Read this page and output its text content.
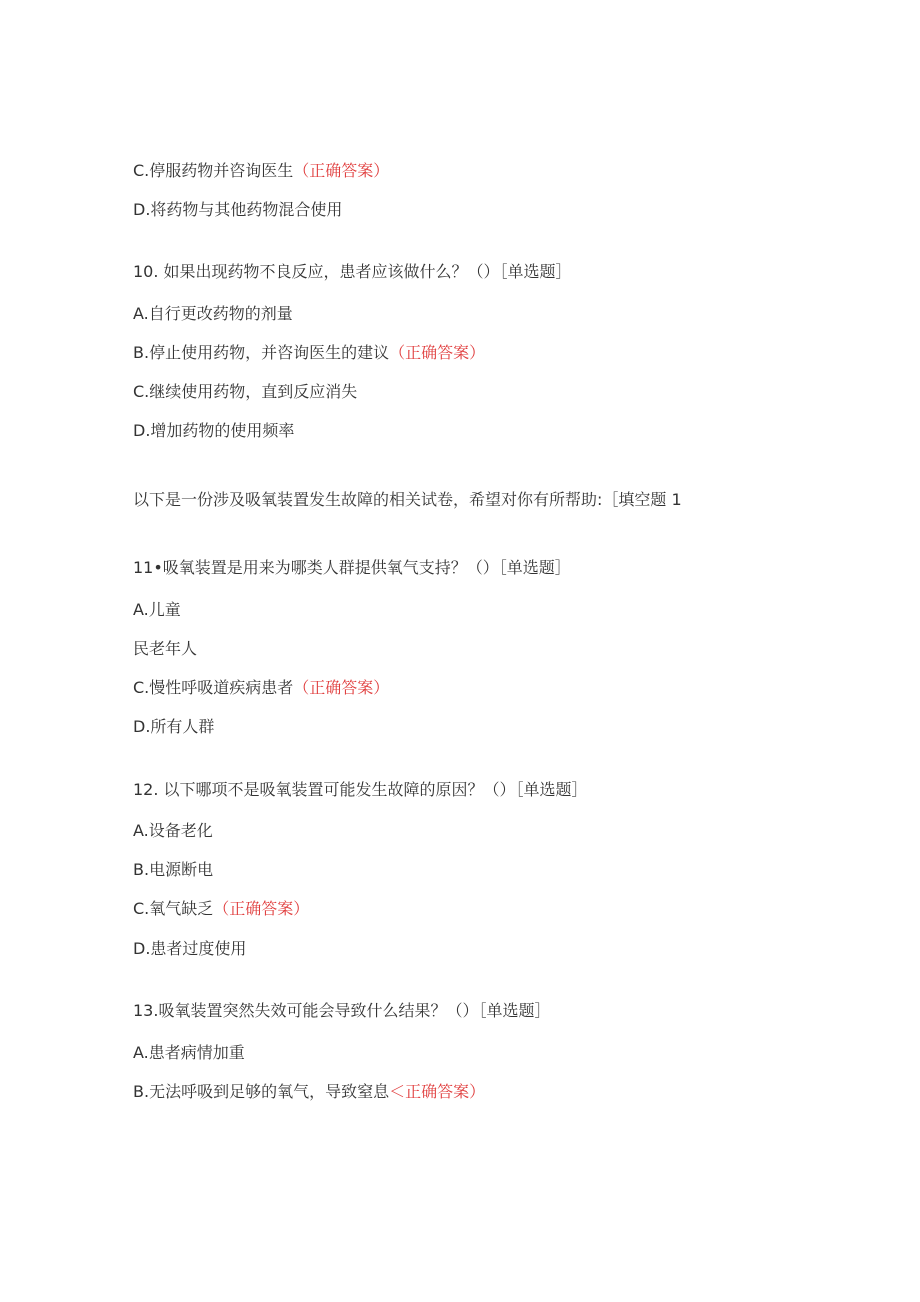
C.停服药物并咨询医生（正确答案）
D.将药物与其他药物混合使用
10. 如果出现药物不良反应，患者应该做什么？（）［单选题］
A.自行更改药物的剂量
B.停止使用药物，并咨询医生的建议（正确答案）
C.继续使用药物，直到反应消失
D.增加药物的使用频率
以下是一份涉及吸氧装置发生故障的相关试卷，希望对你有所帮助:［填空题 1
11•吸氧装置是用来为哪类人群提供氧气支持？（）［单选题］
A.儿童
民老年人
C.慢性呼吸道疾病患者（正确答案）
D.所有人群
12. 以下哪项不是吸氧装置可能发生故障的原因？（）［单选题］
A.设备老化
B.电源断电
C.氧气缺乏（正确答案）
D.患者过度使用
13.吸氧装置突然失效可能会导致什么结果？（）［单选题］
A.患者病情加重
B.无法呼吸到足够的氧气，导致窒息＜正确答案）
